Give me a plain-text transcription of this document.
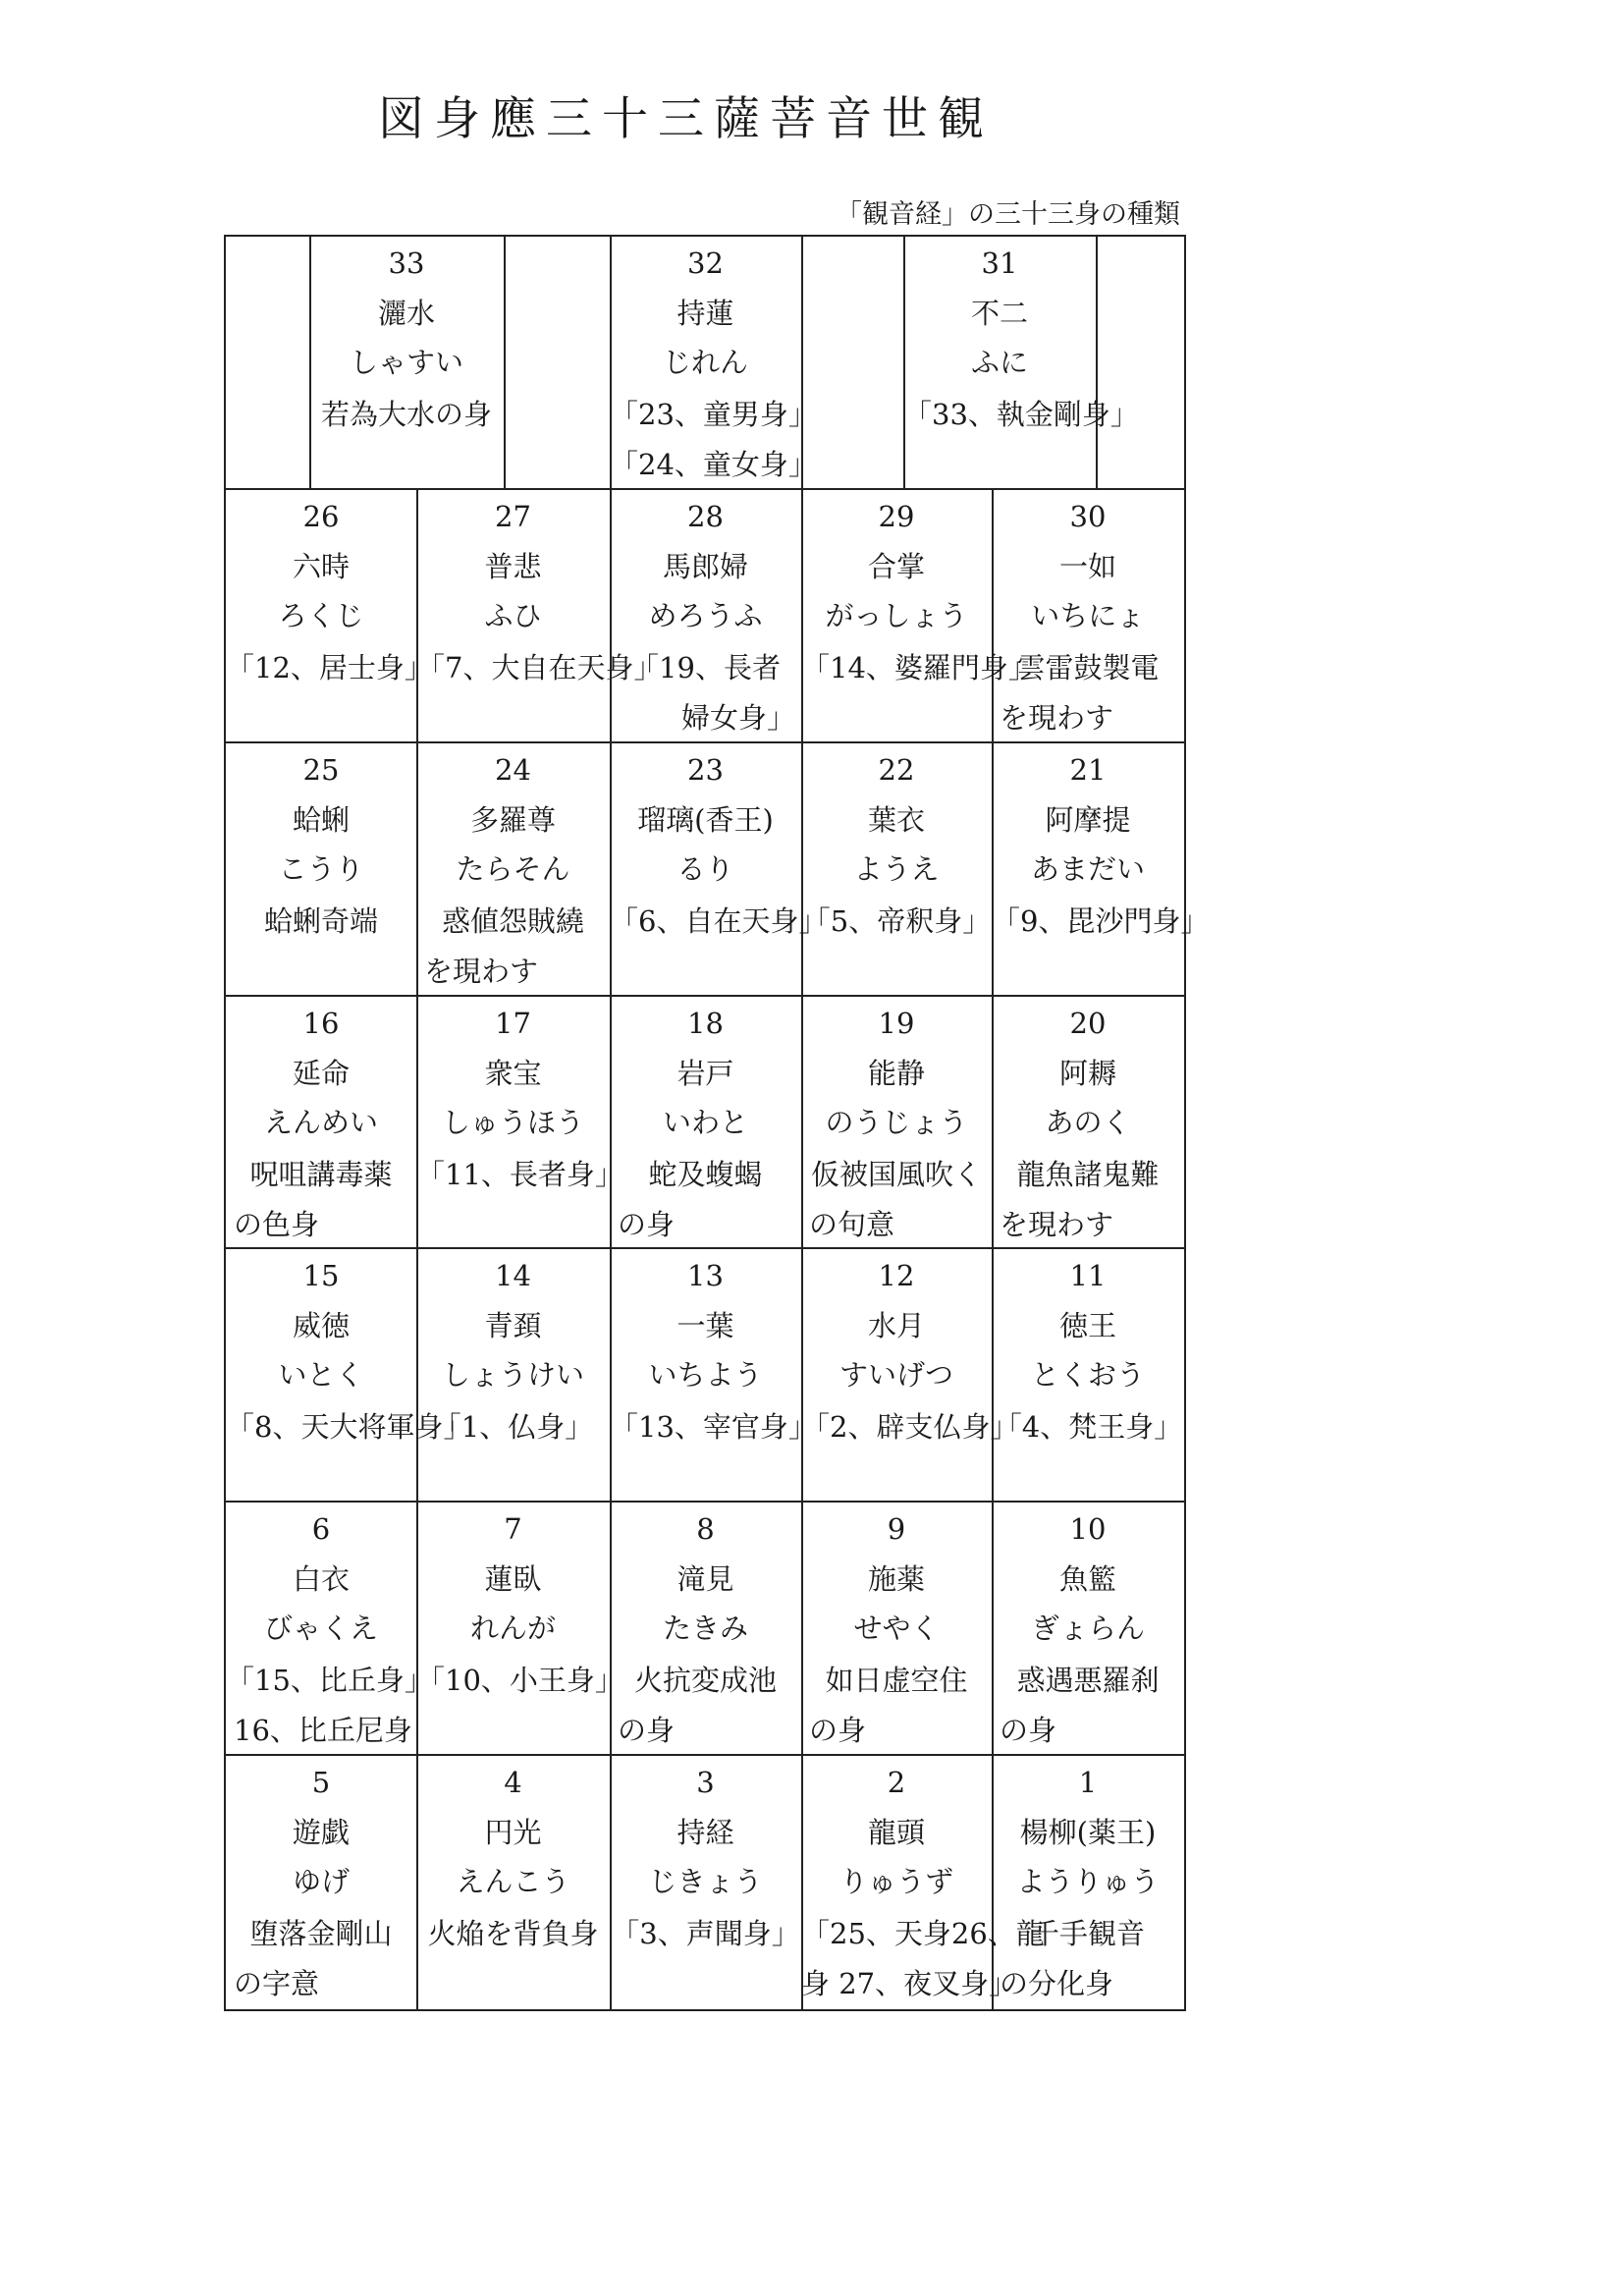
図身應三十三薩菩音世観
「観音経」の三十三身の種類
33
灑水
しゃすい
若為大水の身
32
持蓮
じれん
「23、童男身」
「24、童女身」
31
不二
ふに
「33、執金剛身」
26
六時
ろくじ
「12、居士身」
27
普悲
ふひ
「7、大自在天身」
28
馬郎婦
めろうふ
「19、長者
婦女身」
29
合掌
がっしょう
「14、婆羅門身」
30
一如
いちにょ
雲雷鼓製電
を現わす
25
蛤蜊
こうり
蛤蜊奇端
24
多羅尊
たらそん
惑値怨賊繞
を現わす
23
瑠璃(香王)
るり
「6、自在天身」
22
葉衣
ようえ
「5、帝釈身」
21
阿摩提
あまだい
「9、毘沙門身」
16
延命
えんめい
呪咀講毒薬
の色身
17
衆宝
しゅうほう
「11、長者身」
18
岩戸
いわと
蛇及蝮蝎
の身
19
能静
のうじょう
仮被国風吹く
の句意
20
阿耨
あのく
龍魚諸鬼難
を現わす
15
威徳
いとく
「8、天大将軍身」
14
青頚
しょうけい
「1、仏身」
13
一葉
いちよう
「13、宰官身」
12
水月
すいげつ
「2、辟支仏身」
11
徳王
とくおう
「4、梵王身」
6
白衣
びゃくえ
「15、比丘身」
16、比丘尼身
7
蓮臥
れんが
「10、小王身」
8
滝見
たきみ
火抗変成池
の身
9
施薬
せやく
如日虚空住
の身
10
魚籃
ぎょらん
惑遇悪羅刹
の身
5
遊戯
ゆげ
堕落金剛山
の字意
4
円光
えんこう
火焔を背負身
3
持経
じきょう
「3、声聞身」
2
龍頭
りゅうず
「25、天身26、龍
身 27、夜叉身」
1
楊柳(薬王)
ようりゅう
千手観音
の分化身
